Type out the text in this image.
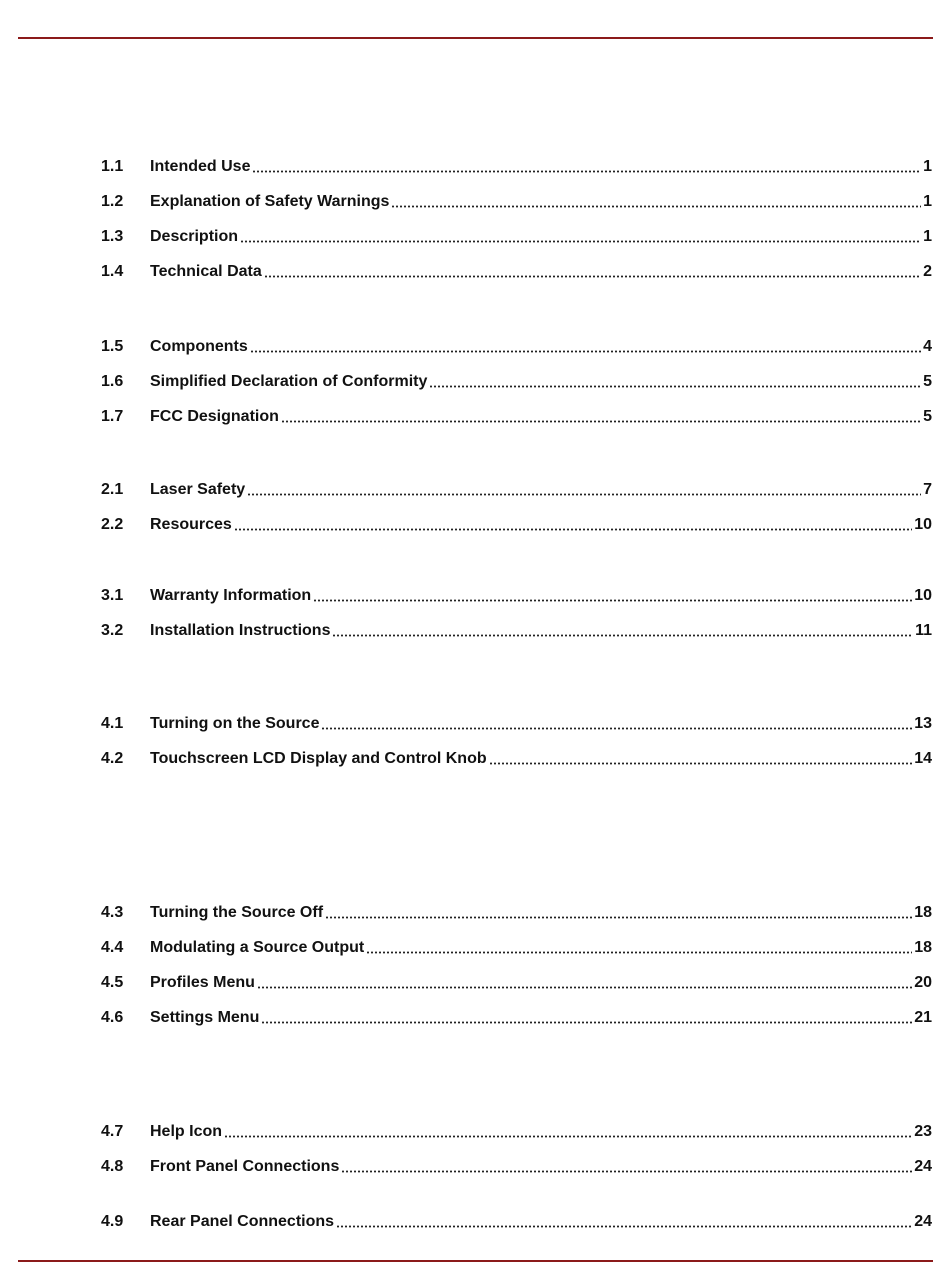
1.1	Intended Use	1
1.2	Explanation of Safety Warnings	1
1.3	Description	1
1.4	Technical Data	2
1.5	Components	4
1.6	Simplified Declaration of Conformity	5
1.7	FCC Designation	5
2.1	Laser Safety	7
2.2	Resources	10
3.1	Warranty Information	10
3.2	Installation Instructions	11
4.1	Turning on the Source	13
4.2	Touchscreen LCD Display and Control Knob	14
4.3	Turning the Source Off	18
4.4	Modulating a Source Output	18
4.5	Profiles Menu	20
4.6	Settings Menu	21
4.7	Help Icon	23
4.8	Front Panel Connections	24
4.9	Rear Panel Connections	24
